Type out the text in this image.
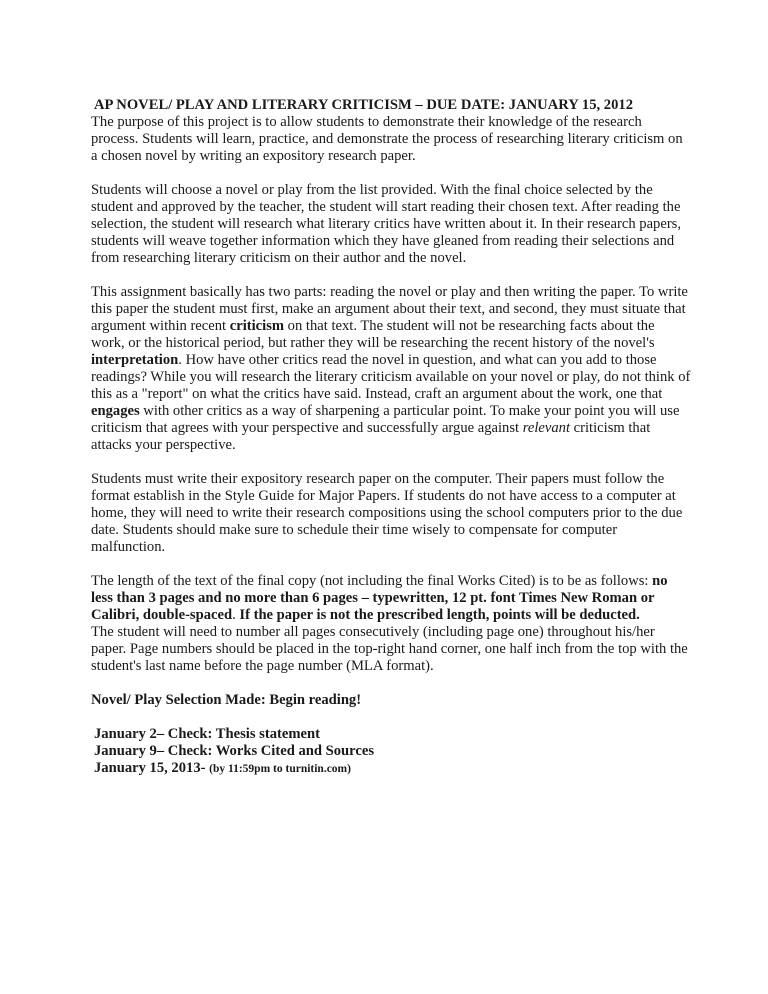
AP NOVEL/ PLAY AND LITERARY CRITICISM – DUE DATE: JANUARY 15, 2012

The purpose of this project is to allow students to demonstrate their knowledge of the research process. Students will learn, practice, and demonstrate the process of researching literary criticism on a chosen novel by writing an expository research paper.

Students will choose a novel or play from the list provided. With the final choice selected by the student and approved by the teacher, the student will start reading their chosen text. After reading the selection, the student will research what literary critics have written about it. In their research papers, students will weave together information which they have gleaned from reading their selections and from researching literary criticism on their author and the novel.

This assignment basically has two parts: reading the novel or play and then writing the paper. To write this paper the student must first, make an argument about their text, and second, they must situate that argument within recent criticism on that text. The student will not be researching facts about the work, or the historical period, but rather they will be researching the recent history of the novel's interpretation. How have other critics read the novel in question, and what can you add to those readings? While you will research the literary criticism available on your novel or play, do not think of this as a "report" on what the critics have said. Instead, craft an argument about the work, one that engages with other critics as a way of sharpening a particular point. To make your point you will use criticism that agrees with your perspective and successfully argue against relevant criticism that attacks your perspective.

Students must write their expository research paper on the computer. Their papers must follow the format establish in the Style Guide for Major Papers. If students do not have access to a computer at home, they will need to write their research compositions using the school computers prior to the due date. Students should make sure to schedule their time wisely to compensate for computer malfunction.

The length of the text of the final copy (not including the final Works Cited) is to be as follows: no less than 3 pages and no more than 6 pages – typewritten, 12 pt. font Times New Roman or Calibri, double-spaced. If the paper is not the prescribed length, points will be deducted.
The student will need to number all pages consecutively (including page one) throughout his/her paper. Page numbers should be placed in the top-right hand corner, one half inch from the top with the student's last name before the page number (MLA format).

Novel/ Play Selection Made: Begin reading!

January 2– Check: Thesis statement
January 9– Check: Works Cited and Sources
January 15, 2013- (by 11:59pm to turnitin.com)
